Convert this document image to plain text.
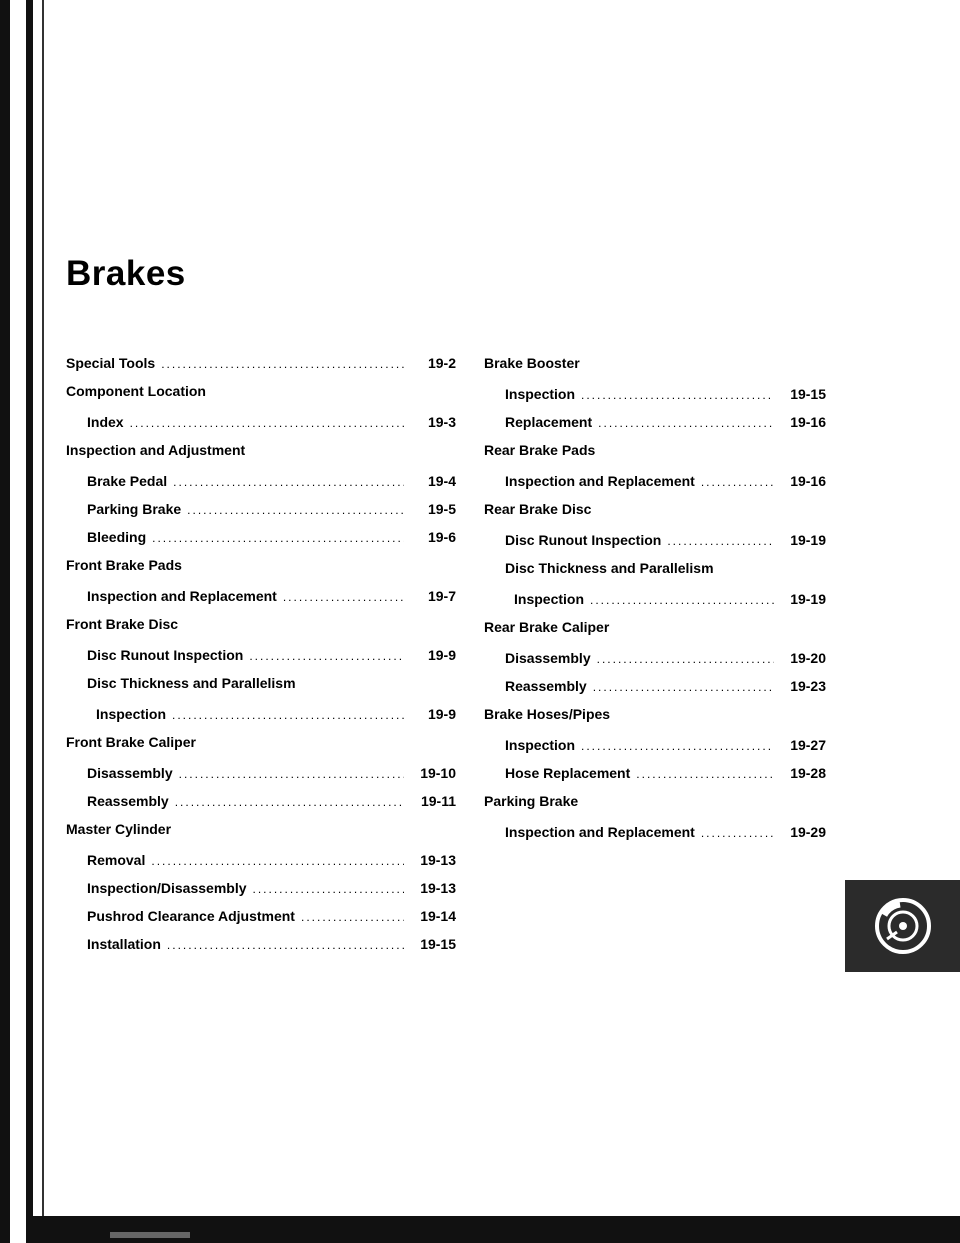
Brakes
Special Tools .....	19-2
Component Location
Index .....	19-3
Inspection and Adjustment
Brake Pedal .....	19-4
Parking Brake .....	19-5
Bleeding .....	19-6
Front Brake Pads
Inspection and Replacement .....	19-7
Front Brake Disc
Disc Runout Inspection .....	19-9
Disc Thickness and Parallelism
Inspection .....	19-9
Front Brake Caliper
Disassembly .....	19-10
Reassembly .....	19-11
Master Cylinder
Removal .....	19-13
Inspection/Disassembly .....	19-13
Pushrod Clearance Adjustment .....	19-14
Installation .....	19-15
Brake Booster
Inspection .....	19-15
Replacement .....	19-16
Rear Brake Pads
Inspection and Replacement .....	19-16
Rear Brake Disc
Disc Runout Inspection .....	19-19
Disc Thickness and Parallelism
Inspection .....	19-19
Rear Brake Caliper
Disassembly .....	19-20
Reassembly .....	19-23
Brake Hoses/Pipes
Inspection .....	19-27
Hose Replacement .....	19-28
Parking Brake
Inspection and Replacement .....	19-29
